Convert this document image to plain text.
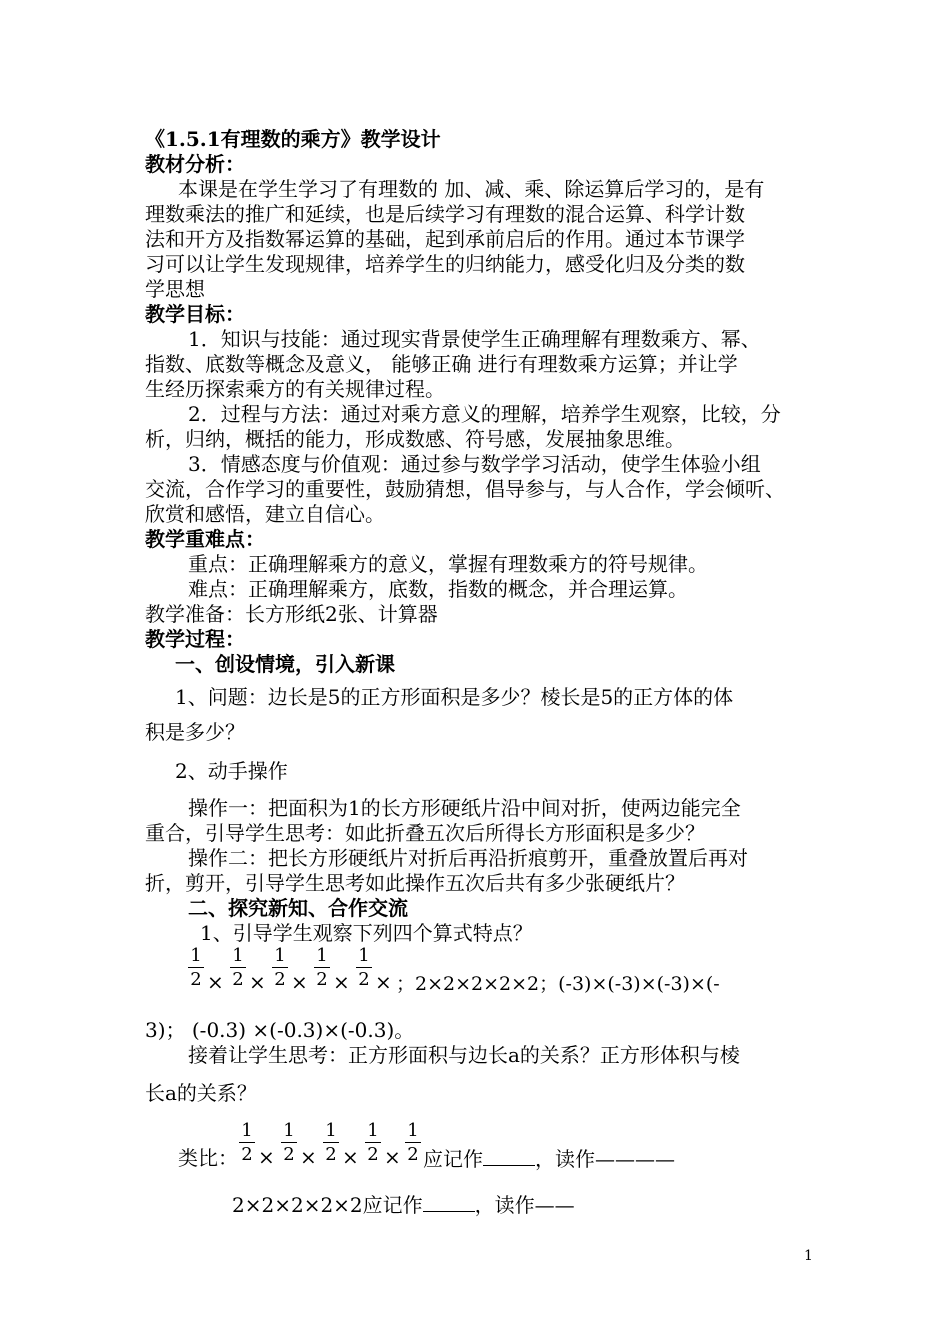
《1.5.1有理数的乘方》教学设计
教材分析：
本课是在学生学习了有理数的 加、减、乘、除运算后学习的，是有
理数乘法的推广和延续，也是后续学习有理数的混合运算、科学计数
法和开方及指数幂运算的基础，起到承前启后的作用。通过本节课学
习可以让学生发现规律，培养学生的归纳能力，感受化归及分类的数
学思想
教学目标：
1．知识与技能：通过现实背景使学生正确理解有理数乘方、幂、
指数、底数等概念及意义， 能够正确 进行有理数乘方运算；并让学
生经历探索乘方的有关规律过程。
2．过程与方法：通过对乘方意义的理解，培养学生观察，比较，分
析，归纳，概括的能力，形成数感、符号感，发展抽象思维。
3．情感态度与价值观：通过参与数学学习活动，使学生体验小组
交流，合作学习的重要性，鼓励猜想，倡导参与，与人合作，学会倾听、
欣赏和感悟，建立自信心。
教学重难点：
重点：正确理解乘方的意义，掌握有理数乘方的符号规律。
难点：正确理解乘方，底数，指数的概念，并合理运算。
教学准备：长方形纸2张、计算器
教学过程：
一、创设情境，引入新课
1、问题：边长是5的正方形面积是多少？棱长是5的正方体的体
积是多少？
2、动手操作
操作一：把面积为1的长方形硬纸片沿中间对折，使两边能完全
重合，引导学生思考：如此折叠五次后所得长方形面积是多少？
操作二：把长方形硬纸片对折后再沿折痕剪开，重叠放置后再对
折，剪开，引导学生思考如此操作五次后共有多少张硬纸片？
二、探究新知、合作交流
1、引导学生观察下列四个算式特点？
1
2 ×
1
2 ×
1
2 ×
1
2 ×
1
2 × ；2×2×2×2×2；(-3)×(-3)×(-3)×(-
3)； (-0.3) ×(-0.3)×(-0.3)。
接着让学生思考：正方形面积与边长a的关系？正方形体积与棱
长a的关系？
类比：
1
2 ×
1
2 ×
1
2 ×
1
2 ×
1
2 应记作	，读作————
2×2×2×2×2应记作	，读作——
1
